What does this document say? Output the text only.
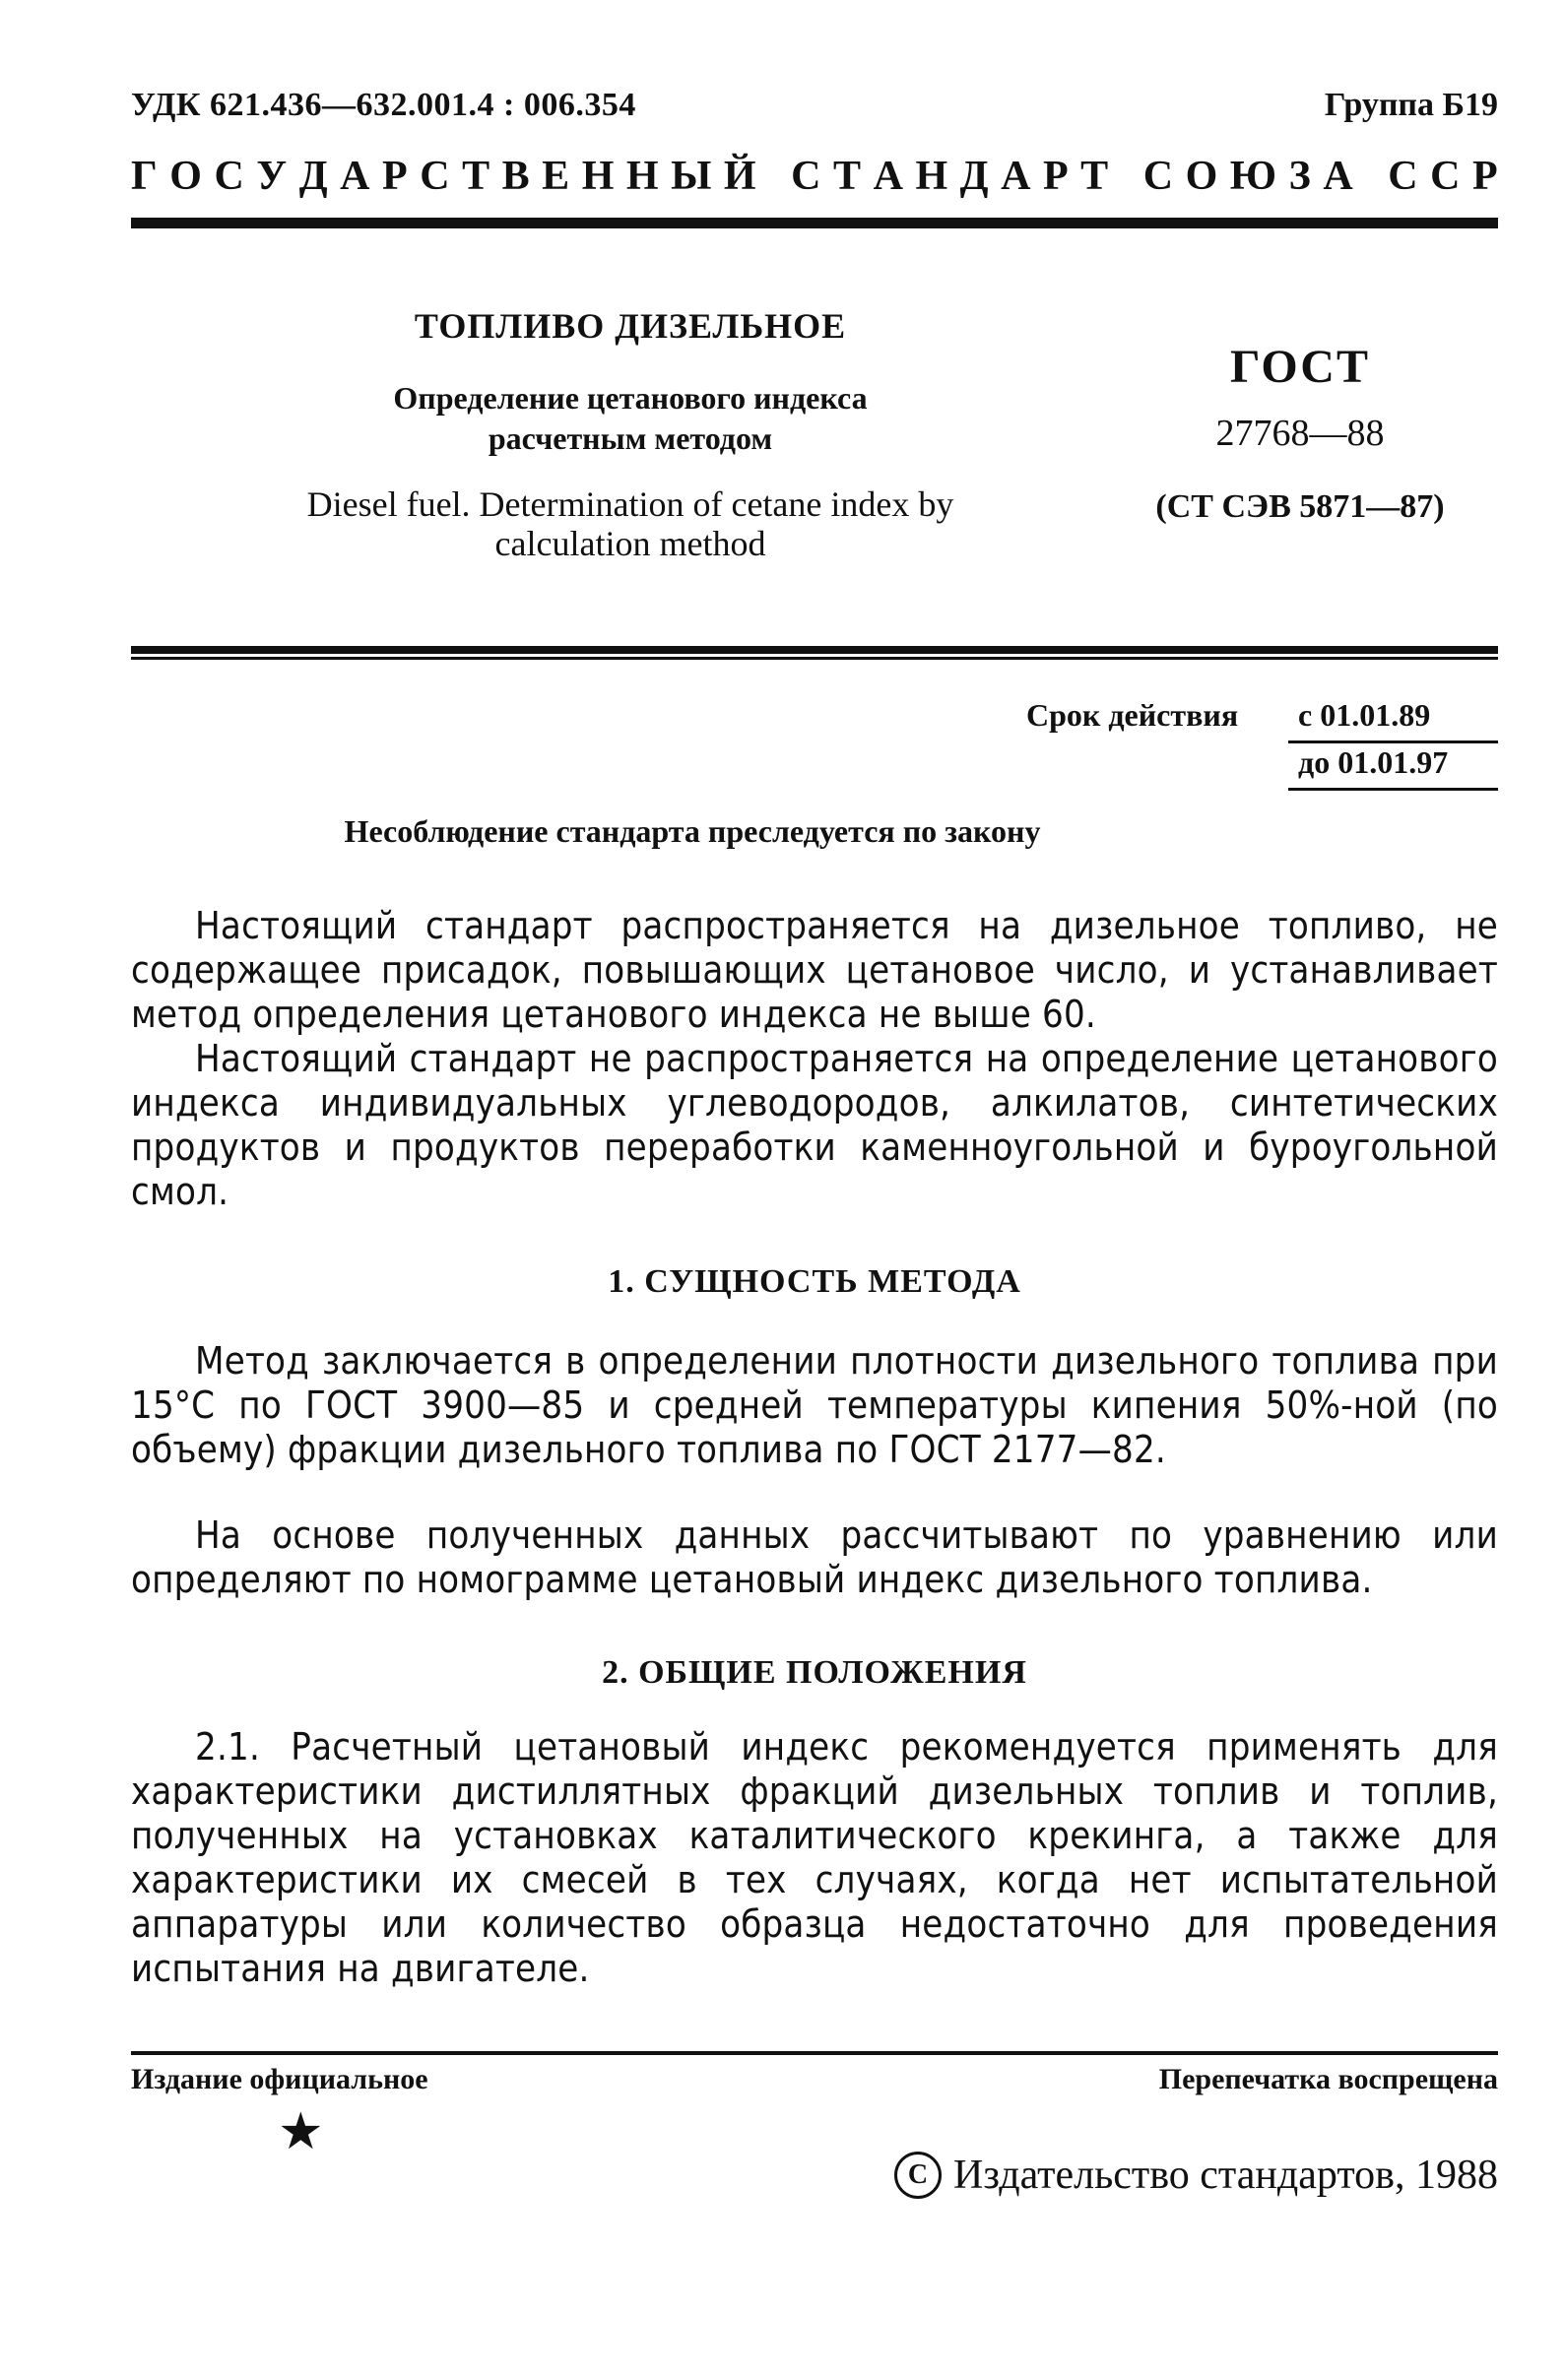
УДК 621.436—632.001.4 : 006.354	Группа Б19
Г О С У Д А Р С Т В Е Н Н Ы Й
С Т А Н Д А Р Т
С О Ю З А
С С Р
ТОПЛИВО ДИЗЕЛЬНОЕ
Определение цетанового индекса
расчетным методом
Diesel fuel. Determination of cetane index by
calculation method
ГОСТ
27768—88
(СТ СЭВ 5871—87)
Срок действия с 01.01.89
до 01.01.97
Несоблюдение стандарта преследуется по закону
Настоящий стандарт распространяется на дизельное топливо, не содержащее присадок, повышающих цетановое число, и устанавливает метод определения цетанового индекса не выше 60.
Настоящий стандарт не распространяется на определение цетанового индекса индивидуальных углеводородов, алкилатов, синтетических продуктов и продуктов переработки каменноугольной и буроугольной смол.
1. СУЩНОСТЬ МЕТОДА
Метод заключается в определении плотности дизельного топлива при 15°С по ГОСТ 3900—85 и средней температуры кипения 50%-ной (по объему) фракции дизельного топлива по ГОСТ 2177—82.
На основе полученных данных рассчитывают по уравнению или определяют по номограмме цетановый индекс дизельного топлива.
2. ОБЩИЕ ПОЛОЖЕНИЯ
2.1. Расчетный цетановый индекс рекомендуется применять для характеристики дистиллятных фракций дизельных топлив и топлив, полученных на установках каталитического крекинга, а также для характеристики их смесей в тех случаях, когда нет испытательной аппаратуры или количество образца недостаточно для проведения испытания на двигателе.
Издание официальное	Перепечатка воспрещена
★
C Издательство стандартов, 1988
